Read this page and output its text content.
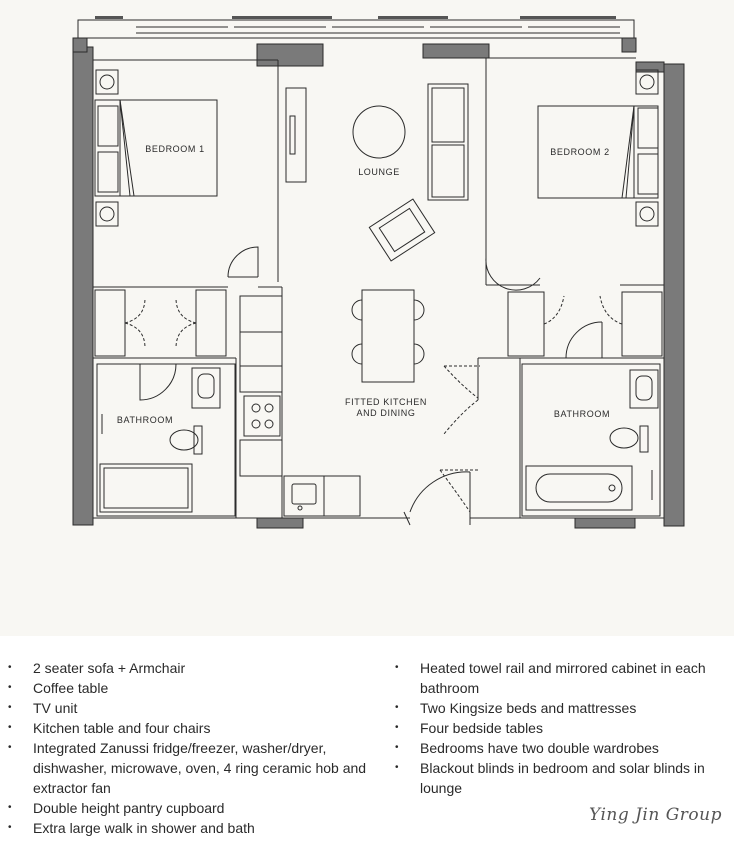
BEDROOM 1
BATHROOM
LOUNGE
FITTED KITCHEN
AND DINING
BEDROOM 2
BATHROOM
• 2 seater sofa + Armchair
• Coffee table
• TV unit
• Kitchen table and four chairs
• Integrated Zanussi fridge/freezer, washer/dryer, dishwasher, microwave, oven, 4 ring ceramic hob and extractor fan
• Double height pantry cupboard
• Extra large walk in shower and bath
• Heated towel rail and mirrored cabinet in each bathroom
• Two Kingsize beds and mattresses
• Four bedside tables
• Bedrooms have two double wardrobes
• Blackout blinds in bedroom and solar blinds in lounge
Ying Jin Group
